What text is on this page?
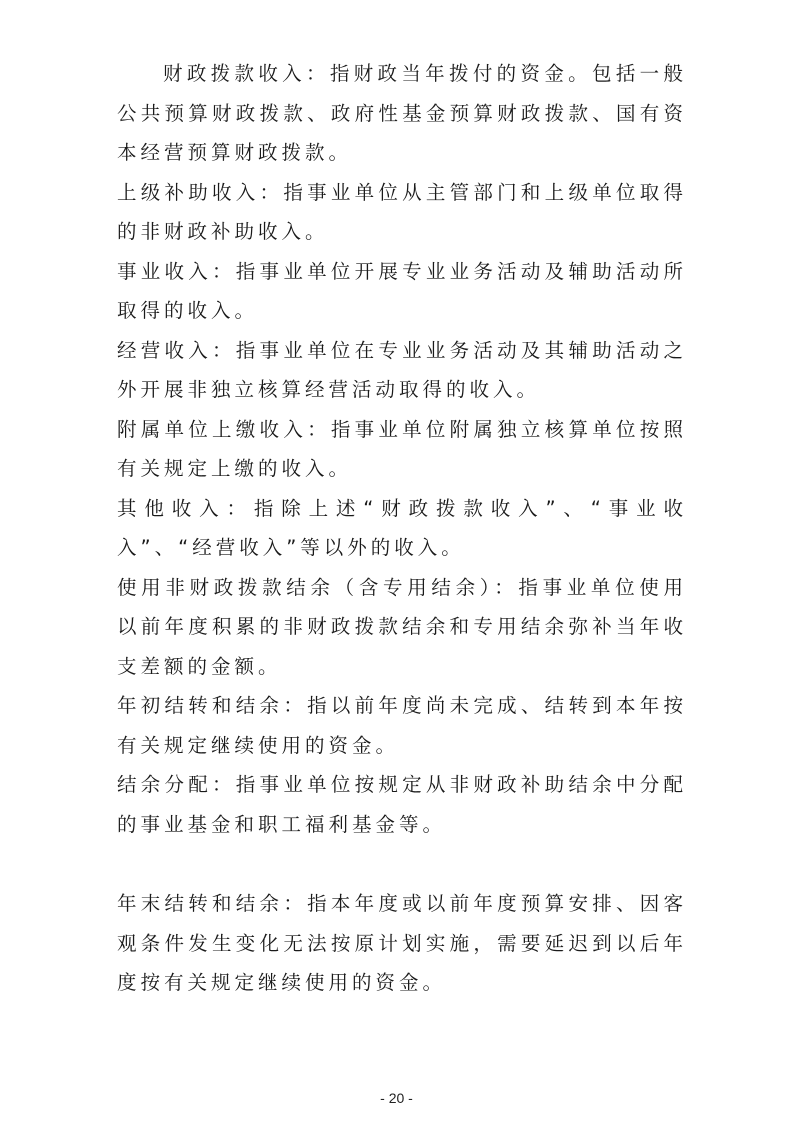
财政拨款收入：指财政当年拨付的资金。包括一般公共预算财政拨款、政府性基金预算财政拨款、国有资本经营预算财政拨款。

上级补助收入：指事业单位从主管部门和上级单位取得的非财政补助收入。

事业收入：指事业单位开展专业业务活动及辅助活动所取得的收入。

经营收入：指事业单位在专业业务活动及其辅助活动之外开展非独立核算经营活动取得的收入。

附属单位上缴收入：指事业单位附属独立核算单位按照有关规定上缴的收入。

其他收入：指除上述“财政拨款收入”、“事业收入”、“经营收入”等以外的收入。

使用非财政拨款结余（含专用结余）：指事业单位使用以前年度积累的非财政拨款结余和专用结余弥补当年收支差额的金额。

年初结转和结余：指以前年度尚未完成、结转到本年按有关规定继续使用的资金。

结余分配：指事业单位按规定从非财政补助结余中分配的事业基金和职工福利基金等。

年末结转和结余：指本年度或以前年度预算安排、因客观条件发生变化无法按原计划实施，需要延迟到以后年度按有关规定继续使用的资金。

- 20 -
